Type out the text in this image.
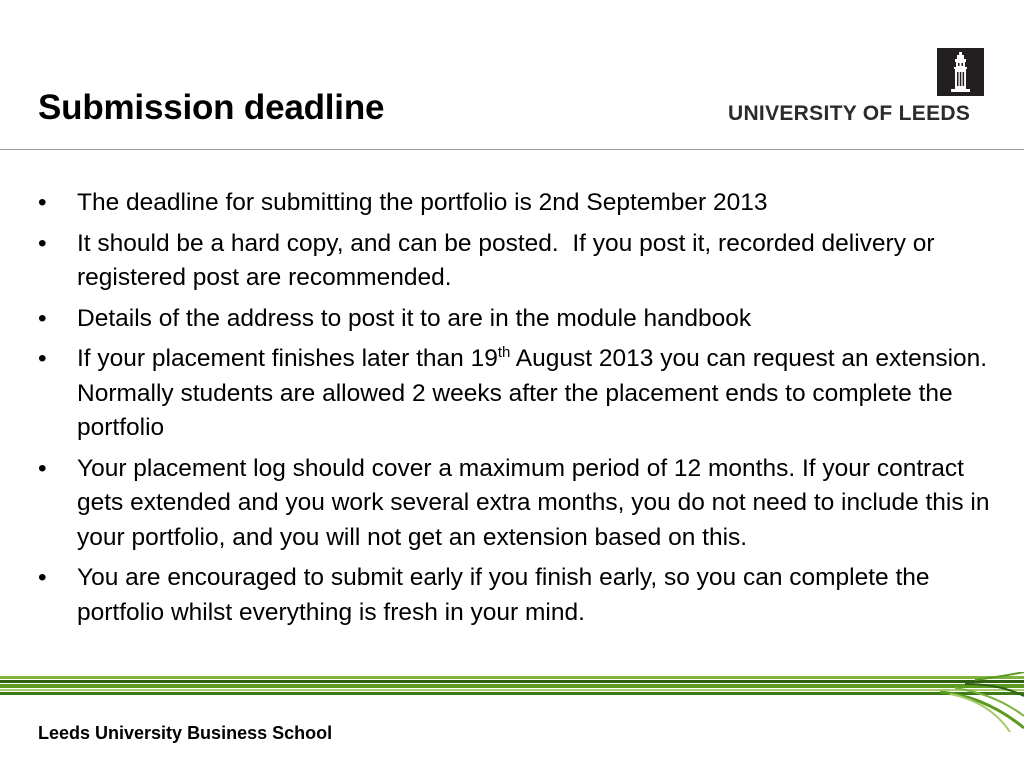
Submission deadline	UNIVERSITY OF LEEDS
• The deadline for submitting the portfolio is 2nd September 2013
• It should be a hard copy, and can be posted.  If you post it, recorded delivery or registered post are recommended.
• Details of the address to post it to are in the module handbook
• If your placement finishes later than 19th August 2013 you can request an extension. Normally students are allowed 2 weeks after the placement ends to complete the portfolio
• Your placement log should cover a maximum period of 12 months. If your contract gets extended and you work several extra months, you do not need to include this in your portfolio, and you will not get an extension based on this.
• You are encouraged to submit early if you finish early, so you can complete the portfolio whilst everything is fresh in your mind.
Leeds University Business School
